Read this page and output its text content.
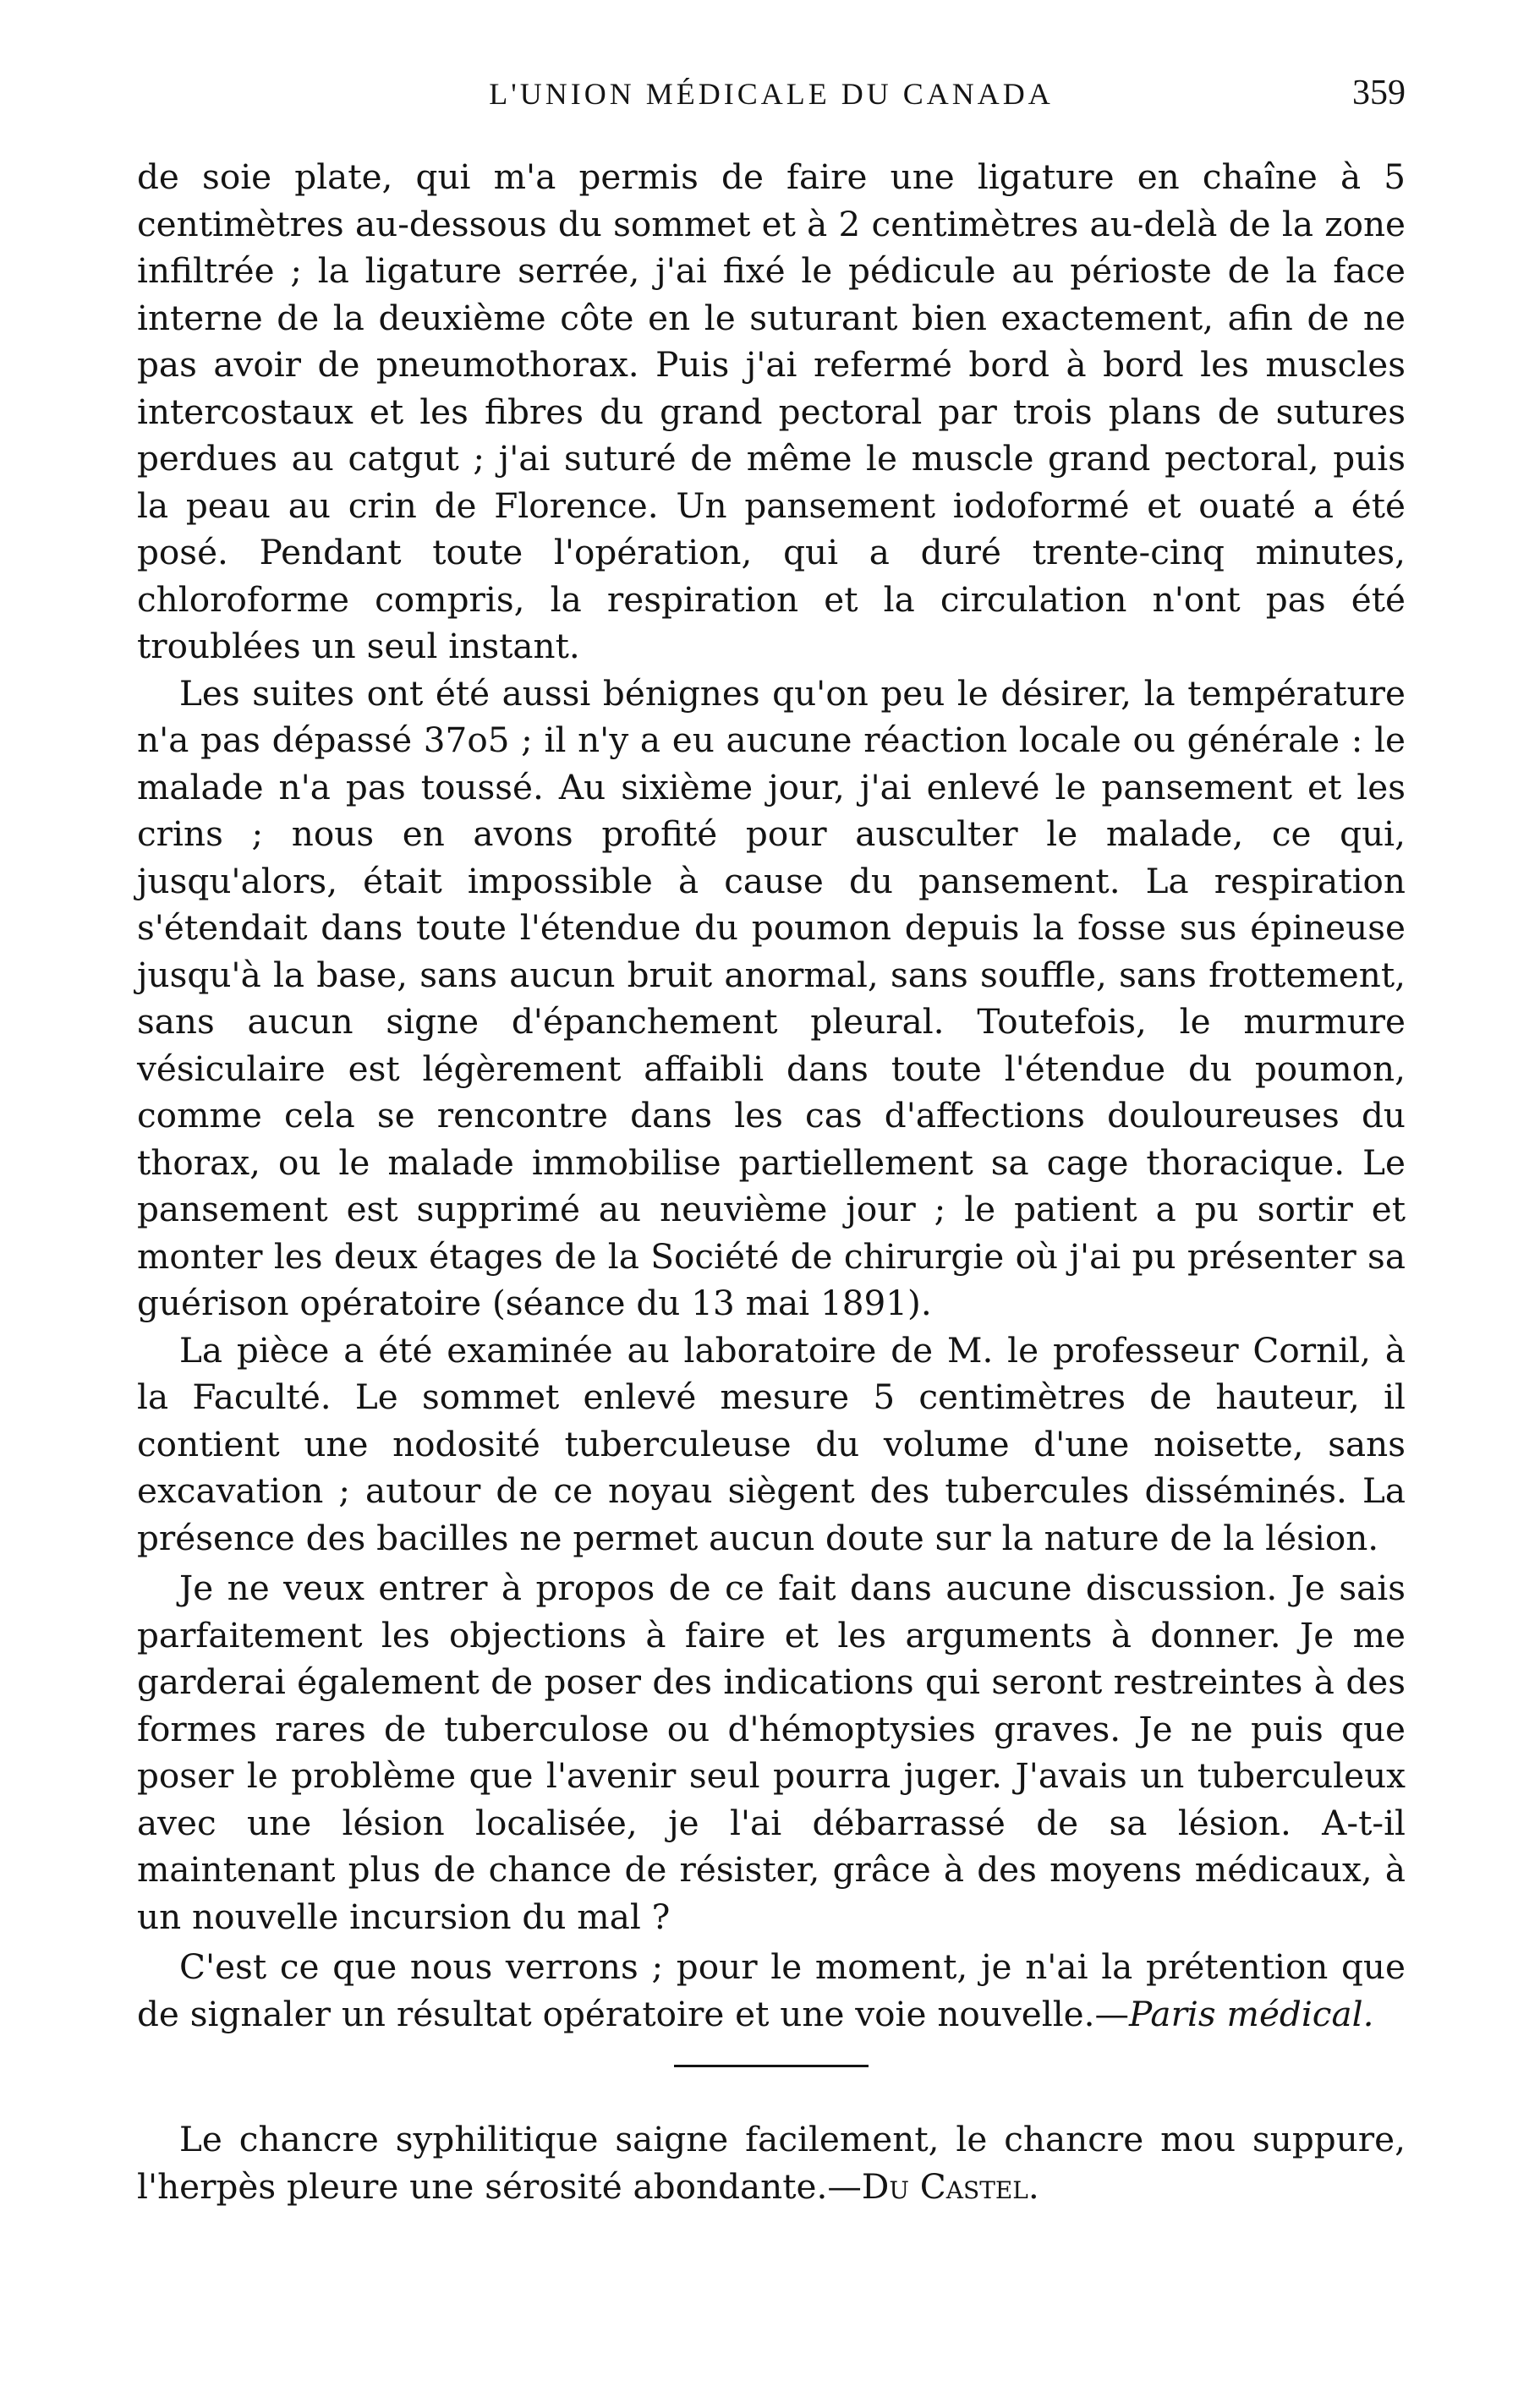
L'UNION MÉDICALE DU CANADA	359

de soie plate, qui m'a permis de faire une ligature en chaîne à 5 centimètres au-dessous du sommet et à 2 centimètres au-delà de la zone infiltrée ; la ligature serrée, j'ai fixé le pédicule au périoste de la face interne de la deuxième côte en le suturant bien exactement, afin de ne pas avoir de pneumothorax. Puis j'ai refermé bord à bord les muscles intercostaux et les fibres du grand pectoral par trois plans de sutures perdues au catgut ; j'ai suturé de même le muscle grand pectoral, puis la peau au crin de Florence. Un pansement iodoformé et ouaté a été posé. Pendant toute l'opération, qui a duré trente-cinq minutes, chloroforme compris, la respiration et la circulation n'ont pas été troublées un seul instant.

Les suites ont été aussi bénignes qu'on peu le désirer, la température n'a pas dépassé 37o5 ; il n'y a eu aucune réaction locale ou générale : le malade n'a pas toussé. Au sixième jour, j'ai enlevé le pansement et les crins ; nous en avons profité pour ausculter le malade, ce qui, jusqu'alors, était impossible à cause du pansement. La respiration s'étendait dans toute l'étendue du poumon depuis la fosse sus épineuse jusqu'à la base, sans aucun bruit anormal, sans souffle, sans frottement, sans aucun signe d'épanchement pleural. Toutefois, le murmure vésiculaire est légèrement affaibli dans toute l'étendue du poumon, comme cela se rencontre dans les cas d'affections douloureuses du thorax, ou le malade immobilise partiellement sa cage thoracique. Le pansement est supprimé au neuvième jour ; le patient a pu sortir et monter les deux étages de la Société de chirurgie où j'ai pu présenter sa guérison opératoire (séance du 13 mai 1891).

La pièce a été examinée au laboratoire de M. le professeur Cornil, à la Faculté. Le sommet enlevé mesure 5 centimètres de hauteur, il contient une nodosité tuberculeuse du volume d'une noisette, sans excavation ; autour de ce noyau siègent des tubercules disséminés. La présence des bacilles ne permet aucun doute sur la nature de la lésion.

Je ne veux entrer à propos de ce fait dans aucune discussion. Je sais parfaitement les objections à faire et les arguments à donner. Je me garderai également de poser des indications qui seront restreintes à des formes rares de tuberculose ou d'hémoptysies graves. Je ne puis que poser le problème que l'avenir seul pourra juger. J'avais un tuberculeux avec une lésion localisée, je l'ai débarrassé de sa lésion. A-t-il maintenant plus de chance de résister, grâce à des moyens médicaux, à un nouvelle incursion du mal ?

C'est ce que nous verrons ; pour le moment, je n'ai la prétention que de signaler un résultat opératoire et une voie nouvelle.—Paris médical.

Le chancre syphilitique saigne facilement, le chancre mou suppure, l'herpès pleure une sérosité abondante.—Du Castel.
